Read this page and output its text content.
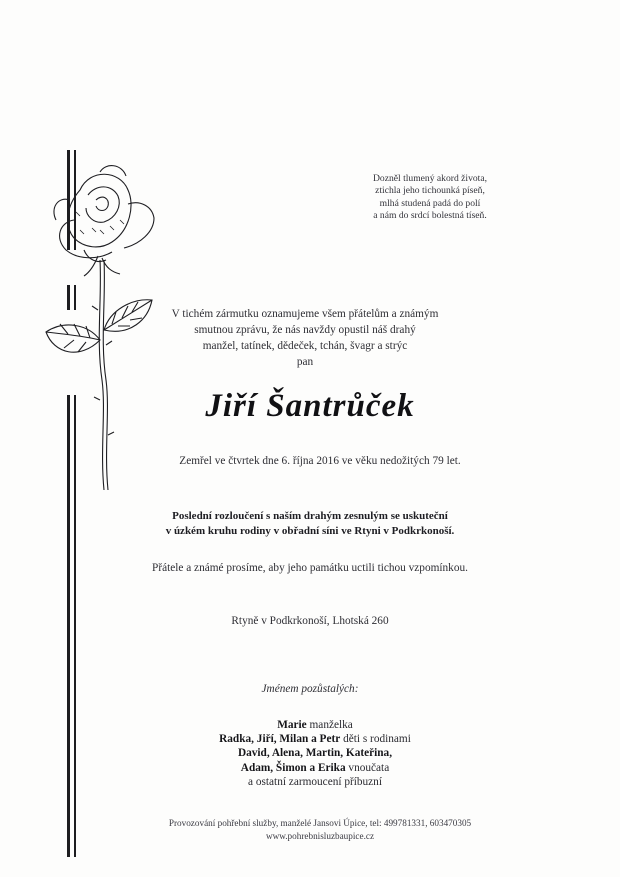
Dozněl tlumený akord života,
ztichla jeho tichounká píseň,
mlhá studená padá do polí
a nám do srdcí bolestná tíseň.
V tichém zármutku oznamujeme všem přátelům a známým
smutnou zprávu, že nás navždy opustil náš drahý
manžel, tatínek, dědeček, tchán, švagr a strýc
pan
Jiří Šantrůček
Zemřel ve čtvrtek dne 6. října 2016 ve věku nedožitých 79 let.
Poslední rozloučení s naším drahým zesnulým se uskuteční
v úzkém kruhu rodiny v obřadní síni ve Rtyni v Podkrkonoší.
Přátele a známé prosíme, aby jeho památku uctili tichou vzpomínkou.
Rtyně v Podkrkonoší, Lhotská 260
Jménem pozůstalých:
Marie manželka
Radka, Jiří, Milan a Petr děti s rodinami
David, Alena, Martin, Kateřina,
Adam, Šimon a Erika vnoučata
a ostatní zarmoucení příbuzní
Provozování pohřební služby, manželé Jansovi Úpice, tel: 499781331, 603470305
www.pohrebnisluzbaupice.cz
